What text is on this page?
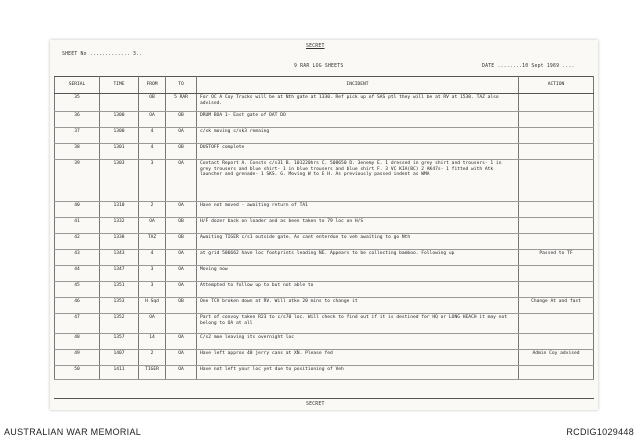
SHEET No ............. 3..
SECRET
9 RAR LOG SHEETS	DATE ........10 Sept 1969 ....
SERIAL	TIME	FROM	TO	INCIDENT	ACTION
35		OB	5 RAR	For OC A Coy Trucks will be at Nth gate at 1330. Ref pick up of SAS ptl they will be at RV at 1530. TAZ also advised.	
36	1300	OA	OB	DRUM BOA 1- East gate of DAT DO	
37	1300	4	OA	c/sk moving c/sk3 remaing	
38	1301	4	OB	DUSTOFF complete	
39	1303	3	OA	Contact Report A. Consts c/s31 B. 101220hrs C. 508650 D. 3enemy E. 1 dressed in grey shirt and trousers- 1 in grey trousers and blue shirt- 1 in blue trousers and blue shirt F. 3 VC KIA(BC) 2 AK47s- 1 fitted with Atk launcher and grenade- 1 SKS. G. Moving W to E H. As previously passed indent as WMA	
40	1310	2	OA	Have not moved - awaiting return of TA1	
41	1332	OA	OB	H/F dozer back on loader and as been taken to 79 loc on H/S	
42	1338	TAZ	OB	Awaiting TIGER c/s1 outside gate. As cant enterdue to veh awaiting to go Nth	
43	1343	4	OA	at grid 506662 have loc footprints leading NE. Appears to be collecting bamboo. Following up	Passed to TF
44	1347	3	OA	Moving now	
45	1351	3	OA	Attempted to follow up to but not able to	
46	1353	H Sqd	OB	One TCV broken down at RV. Will atke 20 mins to change it	Change At and fast
47	1352	OA		Part of convoy taken R23 to c/s70 loc. Will check to find out if it is destined for HQ or LONG HEACH it may not belong to OA at all	
48	1357	14	OA	C/s2 moe leaving its overnight loc	
49	1407	2	OA	Have left approx 40 jerry cans at XN. Please fed	Admin Coy advised
50	1411	TIGER	OA	Have not left your loc yet due to positioning of Veh	
SECRET
AUSTRALIAN WAR MEMORIAL	RCDIG1029448
